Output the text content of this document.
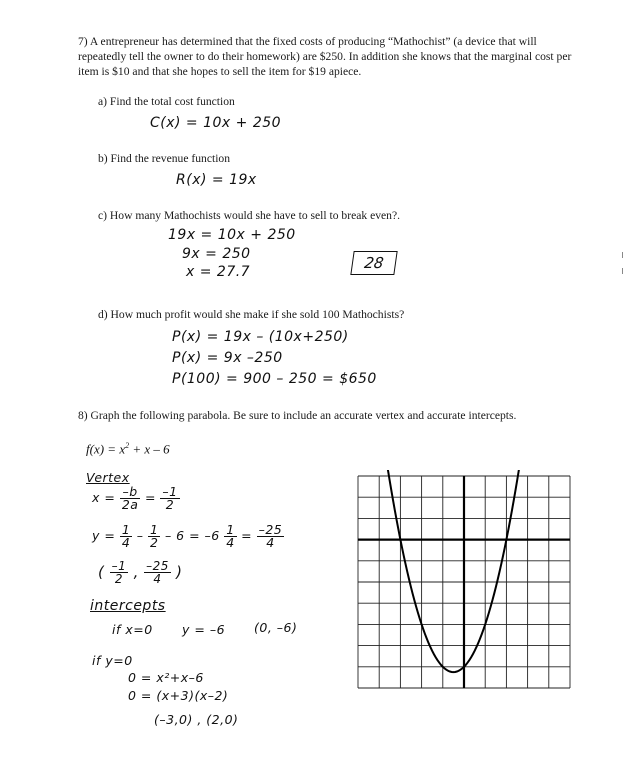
7) A entrepreneur has determined that the fixed costs of producing “Mathochist” (a device that will repeatedly tell the owner to do their homework) are $250. In addition she knows that the marginal cost per item is $10 and that she hopes to sell the item for $19 apiece.
a) Find the total cost function
C(x) = 10x + 250
b) Find the revenue function
R(x) = 19x
c) How many Mathochists would she have to sell to break even?.
19x = 10x + 250
9x = 250
x = 27.7	28
d) How much profit would she make if she sold 100 Mathochists?
P(x) = 19x – (10x+250)
P(x) = 9x –250
P(100) = 900 – 250 = $650
8) Graph the following parabola. Be sure to include an accurate vertex and accurate intercepts.
$f(x) = x^2 + x - 6$
Vertex
$x = \frac{-b}{2a} = \frac{-1}{2}$
$y = \frac{1}{4} - \frac{1}{2} - 6 = -6 \frac{1}{4} = \frac{-25}{4}$
( $\frac{-1}{2}$ , $\frac{-25}{4}$ )
intercepts
if x=0 y = –6 (0, –6)
if y=0
0 = x²+x–6
0 = (x+3)(x–2)
(–3,0) , (2,0)
